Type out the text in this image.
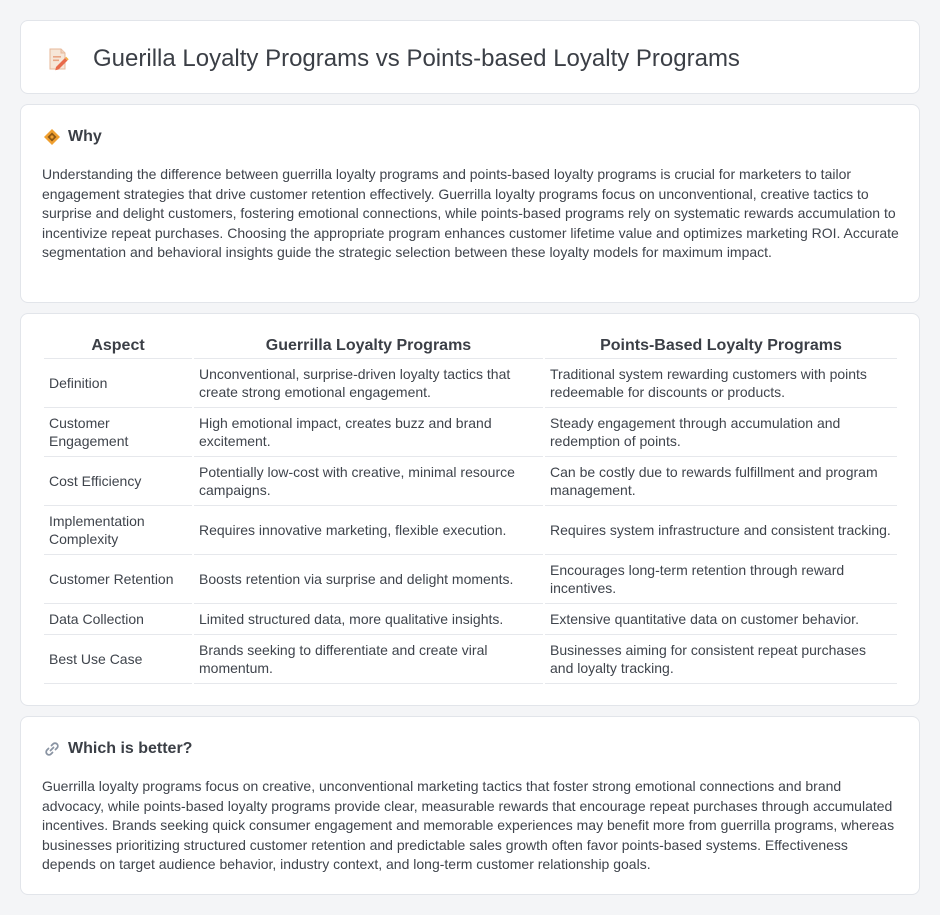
Guerilla Loyalty Programs vs Points-based Loyalty Programs
Why

Understanding the difference between guerrilla loyalty programs and points-based loyalty programs is crucial for marketers to tailor engagement strategies that drive customer retention effectively. Guerrilla loyalty programs focus on unconventional, creative tactics to surprise and delight customers, fostering emotional connections, while points-based programs rely on systematic rewards accumulation to incentivize repeat purchases. Choosing the appropriate program enhances customer lifetime value and optimizes marketing ROI. Accurate segmentation and behavioral insights guide the strategic selection between these loyalty models for maximum impact.

Aspect	Guerrilla Loyalty Programs	Points-Based Loyalty Programs
Definition	Unconventional, surprise-driven loyalty tactics that create strong emotional engagement.	Traditional system rewarding customers with points redeemable for discounts or products.
Customer Engagement	High emotional impact, creates buzz and brand excitement.	Steady engagement through accumulation and redemption of points.
Cost Efficiency	Potentially low-cost with creative, minimal resource campaigns.	Can be costly due to rewards fulfillment and program management.
Implementation Complexity	Requires innovative marketing, flexible execution.	Requires system infrastructure and consistent tracking.
Customer Retention	Boosts retention via surprise and delight moments.	Encourages long-term retention through reward incentives.
Data Collection	Limited structured data, more qualitative insights.	Extensive quantitative data on customer behavior.
Best Use Case	Brands seeking to differentiate and create viral momentum.	Businesses aiming for consistent repeat purchases and loyalty tracking.
Which is better?

Guerrilla loyalty programs focus on creative, unconventional marketing tactics that foster strong emotional connections and brand advocacy, while points-based loyalty programs provide clear, measurable rewards that encourage repeat purchases through accumulated incentives. Brands seeking quick consumer engagement and memorable experiences may benefit more from guerrilla programs, whereas businesses prioritizing structured customer retention and predictable sales growth often favor points-based systems. Effectiveness depends on target audience behavior, industry context, and long-term customer relationship goals.
